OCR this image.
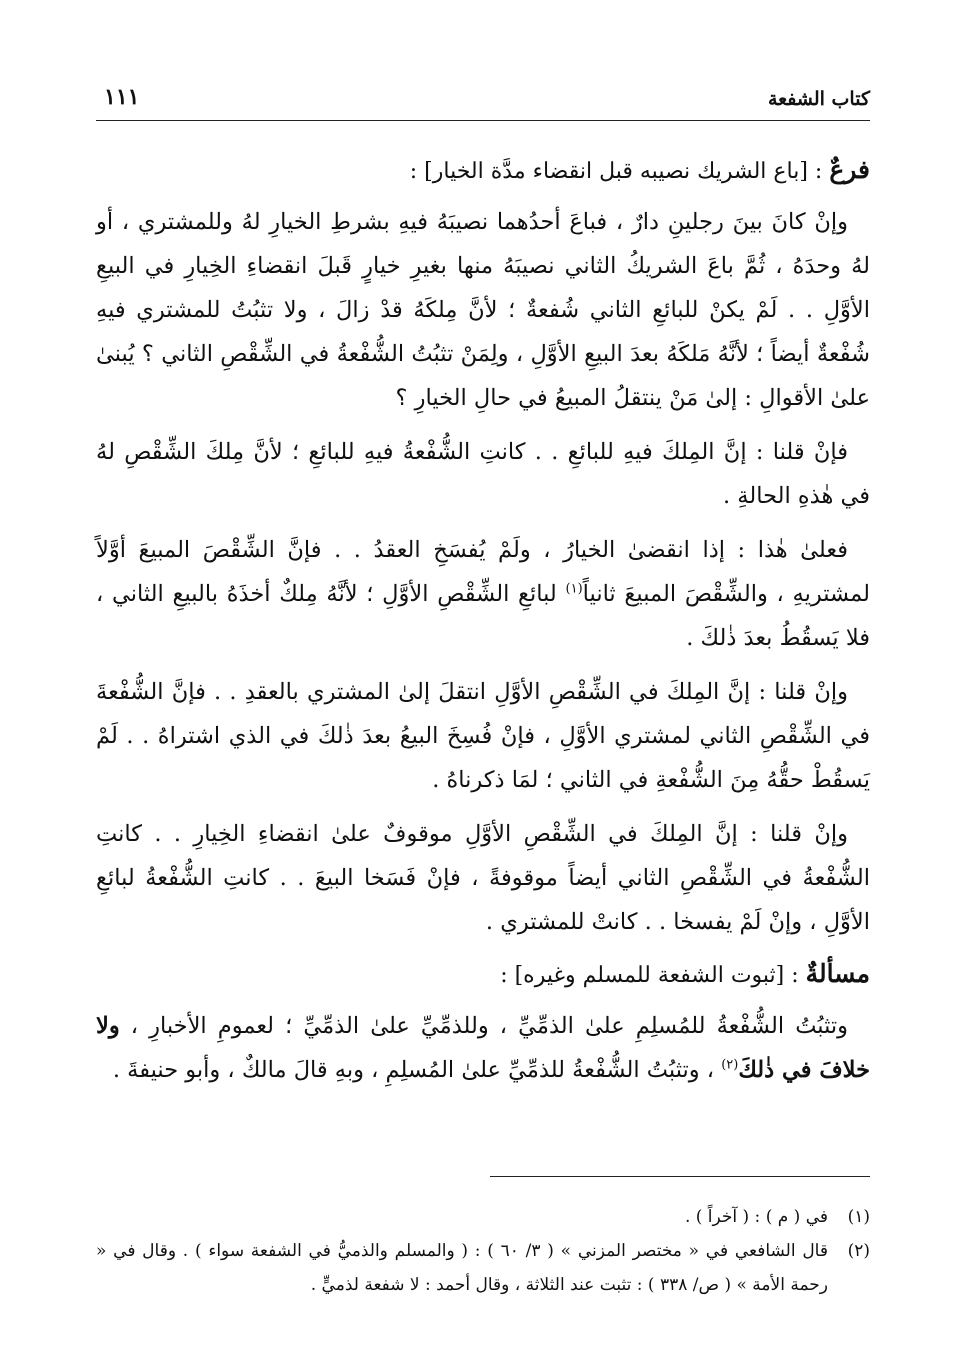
كتاب الشفعة
١١١
فرعٌ : [باع الشريك نصيبه قبل انقضاء مدَّة الخيار] :

وإنْ كانَ بينَ رجلينِ دارٌ ، فباعَ أحدُهما نصيبَهُ فيهِ بشرطِ الخيارِ لهُ وللمشتري ، أو لهُ وحدَهُ ، ثُمَّ باعَ الشريكُ الثاني نصيبَهُ منها بغيرِ خيارٍ قَبلَ انقضاءِ الخِيارِ في البيعِ الأوَّلِ . . لَمْ يكنْ للبائعِ الثاني شُفعةٌ ؛ لأنَّ مِلكَهُ قدْ زالَ ، ولا تثبُتُ للمشتري فيهِ شُفْعةٌ أيضاً ؛ لأنَّهُ مَلكَهُ بعدَ البيعِ الأوَّلِ ، ولِمَنْ تثبُتُ الشُّفْعةُ في الشِّقْصِ الثاني ؟ يُبنىٰ علىٰ الأقوالِ : إلىٰ مَنْ ينتقلُ المبيعُ في حالِ الخيارِ ؟

فإنْ قلنا : إنَّ المِلكَ فيهِ للبائعِ . . كانتِ الشُّفْعةُ فيهِ للبائعِ ؛ لأنَّ مِلكَ الشِّقْصِ لهُ في هٰذهِ الحالةِ .

فعلىٰ هٰذا : إذا انقضىٰ الخيارُ ، ولَمْ يُفسَخِ العقدُ . . فإنَّ الشِّقْصَ المبيعَ أوَّلاً لمشتريهِ ، والشِّقْصَ المبيعَ ثانياً$^{(١)}$ لبائعِ الشِّقْصِ الأوَّلِ ؛ لأنَّهُ مِلكٌ أخذَهُ بالبيعِ الثاني ، فلا يَسقُطُ بعدَ ذٰلكَ .

وإنْ قلنا : إنَّ المِلكَ في الشِّقْصِ الأوَّلِ انتقلَ إلىٰ المشتري بالعقدِ . . فإنَّ الشُّفْعةَ في الشِّقْصِ الثاني لمشتري الأوَّلِ ، فإنْ فُسِخَ البيعُ بعدَ ذٰلكَ في الذي اشتراهُ . . لَمْ يَسقُطْ حقُّهُ مِنَ الشُّفْعةِ في الثاني ؛ لمَا ذكرناهُ .

وإنْ قلنا : إنَّ المِلكَ في الشِّقْصِ الأوَّلِ موقوفٌ علىٰ انقضاءِ الخِيارِ . . كانتِ الشُّفْعةُ في الشِّقْصِ الثاني أيضاً موقوفةً ، فإنْ فَسَخا البيعَ . . كانتِ الشُّفْعةُ لبائعِ الأوَّلِ ، وإنْ لَمْ يفسخا . . كانتْ للمشتري .

مسألةٌ : [ثبوت الشفعة للمسلم وغيره] :

وتثبُتُ الشُّفْعةُ للمُسلِمِ علىٰ الذمِّيِّ ، وللذمِّيِّ علىٰ الذمِّيِّ ؛ لعمومِ الأخبارِ ، ولا خلافَ في ذٰلكَ$^{(٢)}$ ، وتثبُتُ الشُّفْعةُ للذمِّيِّ علىٰ المُسلِمِ ، وبهِ قالَ مالكٌ ، وأبو حنيفةَ .

(١)
في ( م ) : ( آخراً ) .
(٢)
قال الشافعي في « مختصر المزني » ( ٣/ ٦٠ ) : ( والمسلم والذميُّ في الشفعة سواء ) . وقال في « رحمة الأمة » ( ص/ ٣٣٨ ) : تثبت عند الثلاثة ، وقال أحمد : لا شفعة لذميٍّ .
